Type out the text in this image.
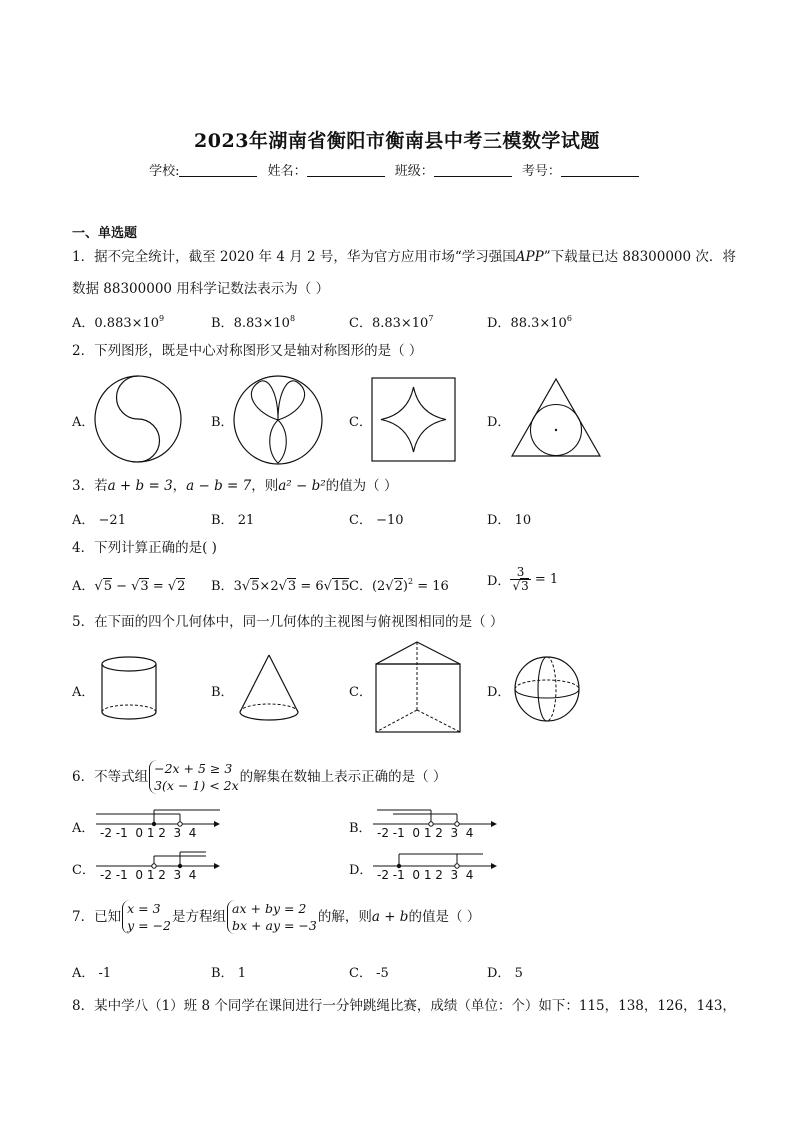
2023年湖南省衡阳市衡南县中考三模数学试题
学校:	姓名：	班级：	考号：
一、单选题
1．据不完全统计，截至 2020 年 4 月 2 号，华为官方应用市场“学习强国APP”下载量已达 88300000 次．将
数据 88300000 用科学记数法表示为（ ）
A．$0.883\times 10^9$	B．$8.83\times 10^8$	C．$8.83\times 10^7$	D．$88.3\times 10^6$
2．下列图形，既是中心对称图形又是轴对称图形的是（ ）
A．	B．	C．	D．
3．若a + b = 3，a − b = 7，则a² − b²的值为（ ）
A． −21	B． 21	C． −10	D． 10
4．下列计算正确的是( )
A．√5 − √3 = √2 B．3√5×2√3 = 6√15 C．$(2√2)^2 = 16$	D． $\frac{3}{√3} = 1$
5．在下面的四个几何体中，同一几何体的主视图与俯视图相同的是（ ）
A．	B．	C．	D．
6．不等式组
−2x + 5 ≥ 3
3(x − 1) < 2x
的解集在数轴上表示正确的是（ ）
A．	B．
C．	D．
-2 -1  0 1 2  3  4	-2 -1  0 1 2  3  4
-2 -1  0 1 2  3  4	-2 -1  0 1 2  3  4
7．已知
x = 3
y = −2
是方程组
ax + by = 2
bx + ay = −3
的解，则a + b的值是（ ）
A． -1	B． 1	C． -5	D． 5
8．某中学八（1）班 8 个同学在课间进行一分钟跳绳比赛，成绩（单位：个）如下：115，138，126，143，
